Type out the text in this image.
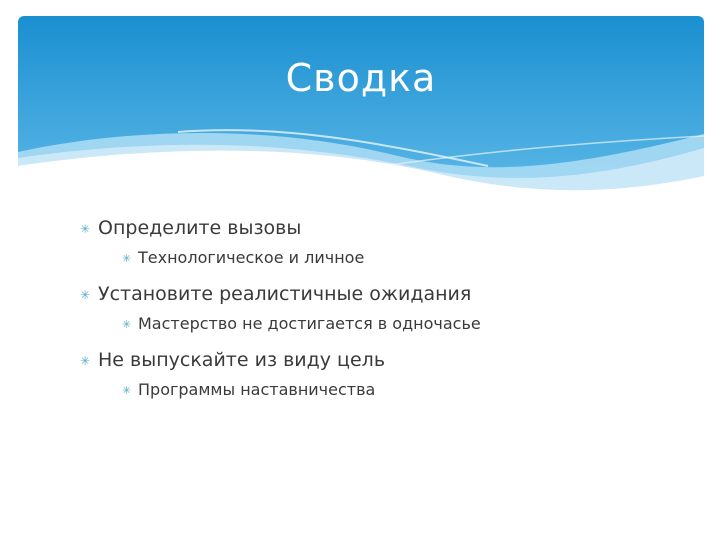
Сводка
✳ Определите вызовы
✳ Технологическое и личное
✳ Установите реалистичные ожидания
✳ Мастерство не достигается в одночасье
✳ Не выпускайте из виду цель
✳ Программы наставничества
